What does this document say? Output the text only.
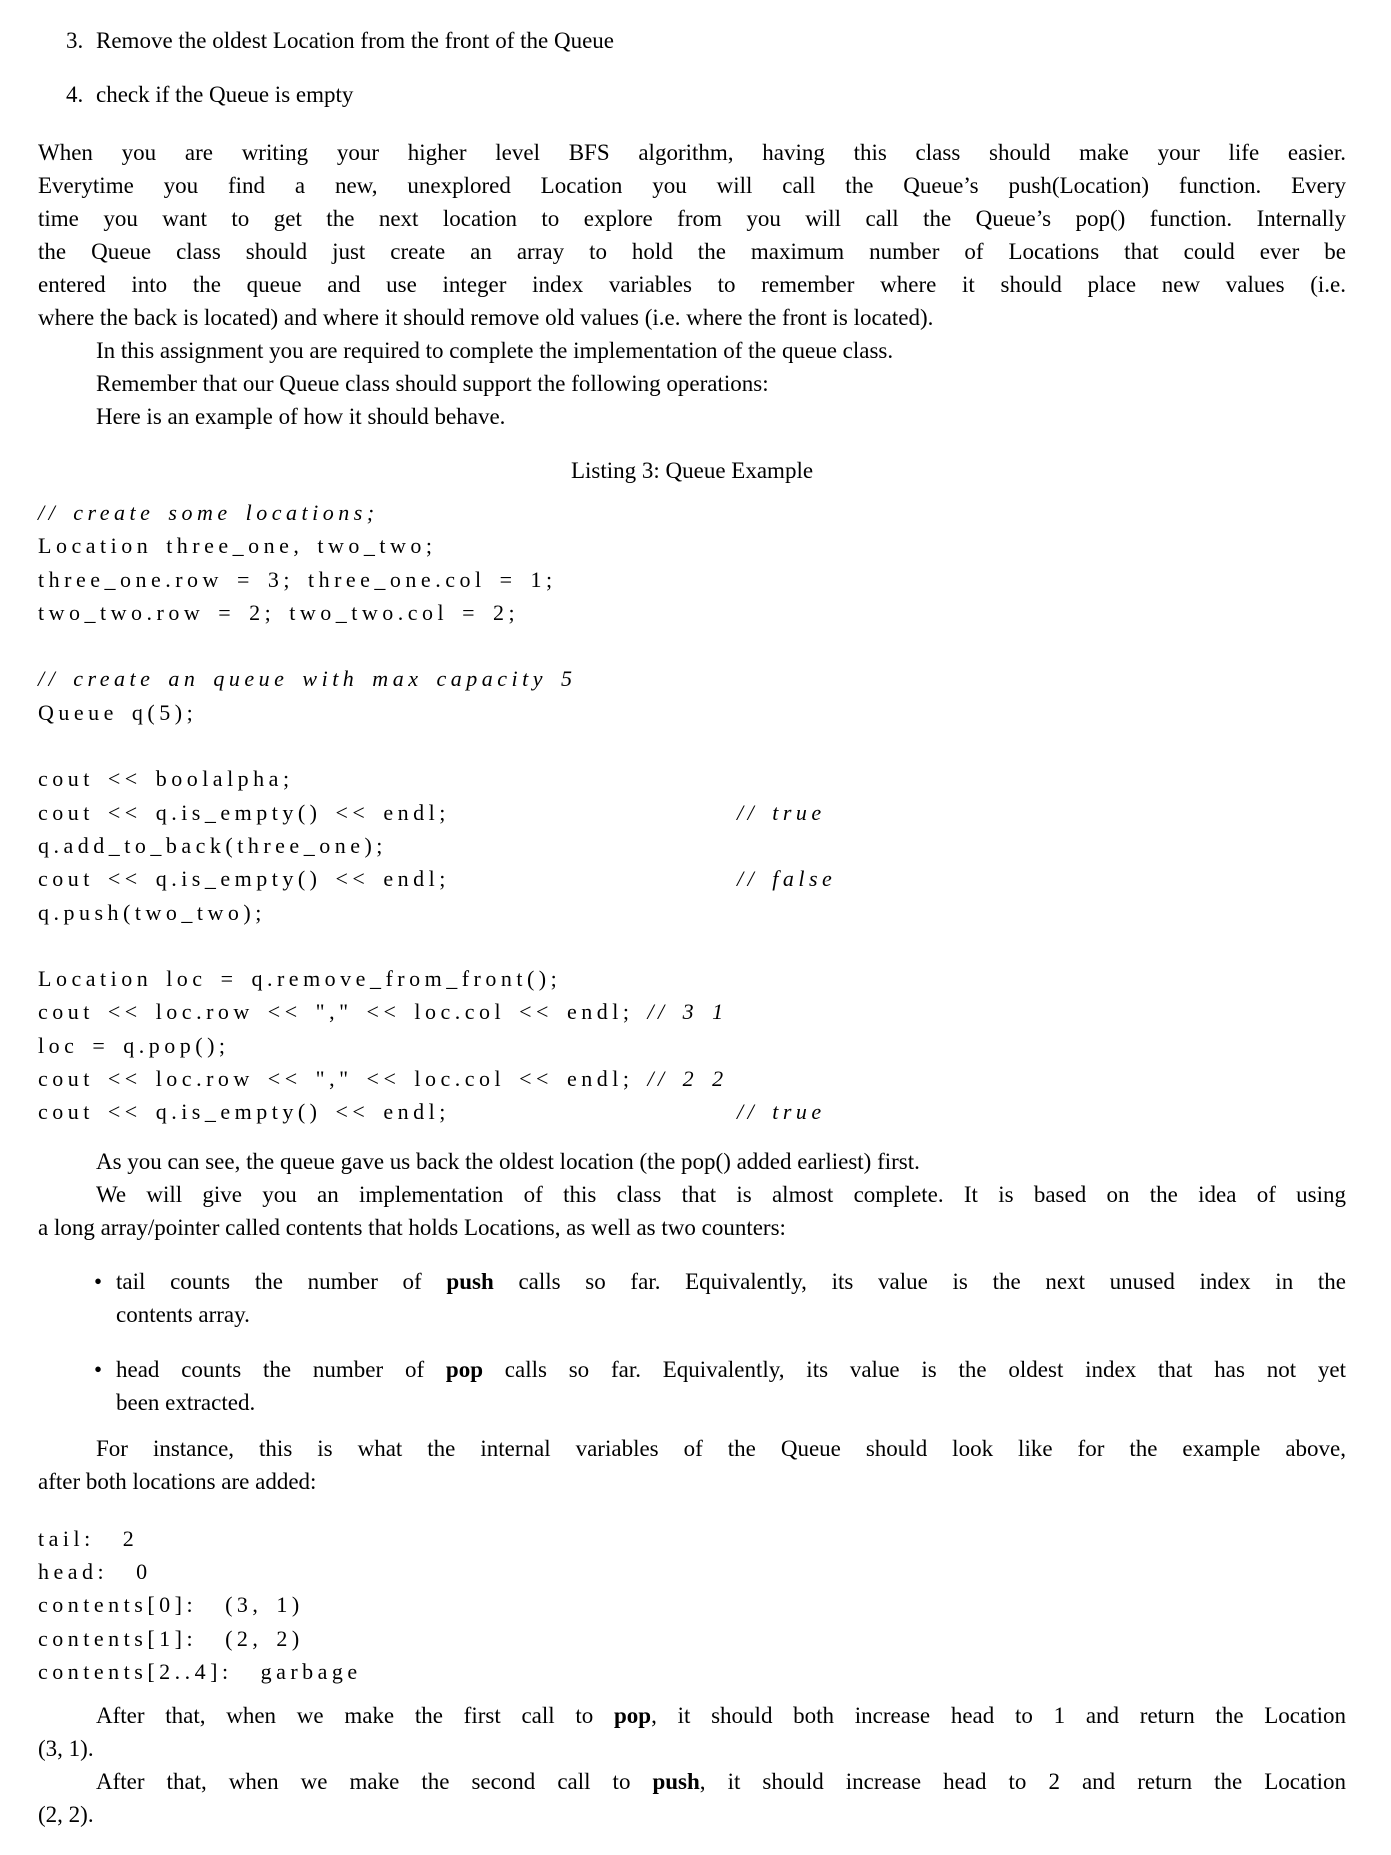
3. Remove the oldest Location from the front of the Queue
4. check if the Queue is empty
When you are writing your higher level BFS algorithm, having this class should make your life easier.
Everytime you find a new, unexplored Location you will call the Queue’s push(Location) function. Every
time you want to get the next location to explore from you will call the Queue’s pop() function. Internally
the Queue class should just create an array to hold the maximum number of Locations that could ever be
entered into the queue and use integer index variables to remember where it should place new values (i.e.
where the back is located) and where it should remove old values (i.e. where the front is located).
In this assignment you are required to complete the implementation of the queue class.
Remember that our Queue class should support the following operations:
Here is an example of how it should behave.
Listing 3: Queue Example
// create some locations;
Location three_one, two_two;
three_one.row = 3; three_one.col = 1;
two_two.row = 2; two_two.col = 2;

// create an queue with max capacity 5
Queue q(5);

cout << boolalpha;
cout << q.is_empty() << endl;	// true
q.add_to_back(three_one);
cout << q.is_empty() << endl;	// false
q.push(two_two);

Location loc = q.remove_from_front();
cout << loc.row << "," << loc.col << endl; // 3 1
loc = q.pop();
cout << loc.row << "," << loc.col << endl; // 2 2
cout << q.is_empty() << endl;	// true
As you can see, the queue gave us back the oldest location (the pop() added earliest) first.
We will give you an implementation of this class that is almost complete. It is based on the idea of using
a long array/pointer called contents that holds Locations, as well as two counters:
• tail counts the number of push calls so far. Equivalently, its value is the next unused index in the
contents array.
• head counts the number of pop calls so far. Equivalently, its value is the oldest index that has not yet
been extracted.
For instance, this is what the internal variables of the Queue should look like for the example above,
after both locations are added:
tail:  2
head:  0
contents[0]:  (3, 1)
contents[1]:  (2, 2)
contents[2..4]:  garbage
After that, when we make the first call to pop, it should both increase head to 1 and return the Location
(3, 1).
After that, when we make the second call to push, it should increase head to 2 and return the Location
(2, 2).
